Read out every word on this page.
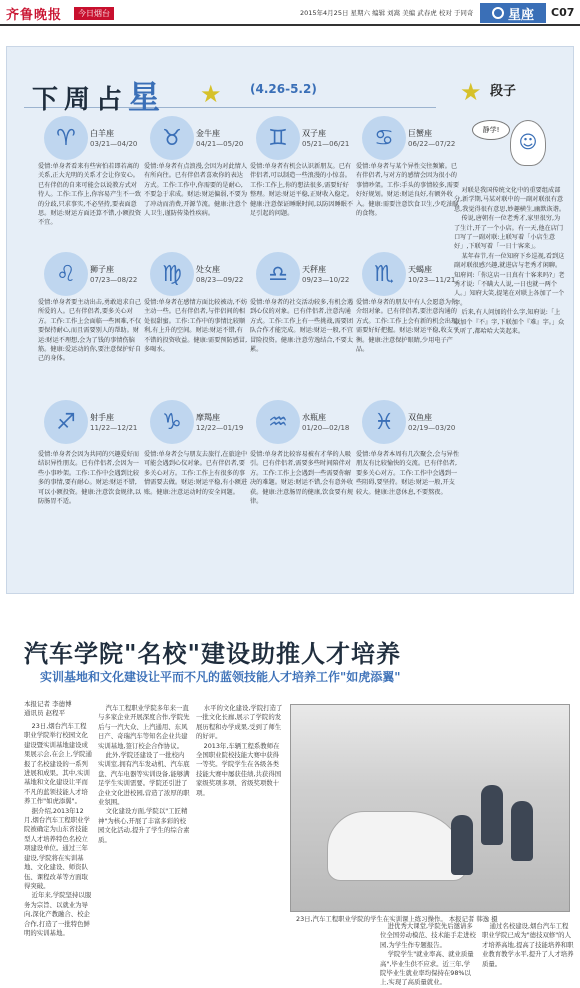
齐鲁晚报	今日烟台	2015年4月25日 星期六 编辑 刘嵩 美编 武春虎 校对 于同奇	星座 C07
下周占星 ★ (4.26-5.2)
♈	白羊座
03/21—04/20
爱情:单身者看来有些害怕若即若离的关系,正大光明的关系才会让你安心。已有伴侣的自来可能会以说教方式对待人。工作:工作上,你容易产生不一致的分歧,只求事实,不必坚持,要表面意思。财运:财运方面还算不错,小额投资不宜。
♉	金牛座
04/21—05/20
爱情:单身者有点浪漫,会因为对此情人有所向往。已有伴侣者喜欢你的表达方式。工作:工作中,你需要的是耐心,不要急于求成。财运:财运偏弱,不要为了冲动而消费,开源节流。健康:注意个人卫生,谨防传染性疾病。
♊	双子座
05/21—06/21
爱情:单身者有机会认识新朋友。已有伴侣者,可以制造一些浪漫的小惊喜。工作:工作上,你的想法很多,需要好好整理。财运:财运平稳,正财收入稳定。健康:注意保证睡眠时间,以防因睡眠不足引起的问题。
♋	巨蟹座
06/22—07/22
爱情:单身者与某个异性交往频繁。已有伴侣者,与对方的感情会因为很小的事情吵架。工作:手头的事情较多,需要好好规划。财运:财运良好,有额外收入。健康:需要注意饮食卫生,少吃油腻的食物。
♌	狮子座
07/23—08/22
爱情:单身者要主动出击,勇敢追求自己所爱的人。已有伴侣者,要多关心对方。工作:工作上会面临一些困难,不仅要保持耐心,而且需要别人的帮助。财运:财运不理想,会为了钱的事情伤脑筋。健康:爱运动的你,要注意保护好自己的身体。
♍	处女座
08/23—09/22
爱情:单身者在感情方面比较被动,不妨主动一些。已有伴侣者,与伴侣间的相处很甜蜜。工作:工作中的事情比较顺利,有上升的空间。财运:财运不错,有不错的投资收益。健康:需要预防感冒,多喝水。
♎	天秤座
09/23—10/22
爱情:单身者的社交活动较多,有机会遇到心仪的对象。已有伴侣者,注意沟通方式。工作:工作上有一些挑战,需要团队合作才能完成。财运:财运一般,不宜冒险投资。健康:注意劳逸结合,不要太累。
♏	天蝎座
10/23—11/21
爱情:单身者的朋友中有人会愿意为你介绍对象。已有伴侣者,要注意沟通的方式。工作:工作上会有新的机会出现,需要好好把握。财运:财运平稳,收支平衡。健康:注意保护眼睛,少用电子产品。
♐	射手座
11/22—12/21
爱情:单身者会因为共同的兴趣爱好而结识异性朋友。已有伴侣者,会因为一些小事吵架。工作:工作中会遇到比较多的事情,要有耐心。财运:财运不错,可以小额投资。健康:注意饮食规律,以防肠胃不适。
♑	摩羯座
12/22—01/19
爱情:单身者会与朋友去旅行,在旅途中可能会遇到心仪对象。已有伴侣者,要多关心对方。工作:工作上有很多的事情需要去做。财运:财运平稳,有小额进账。健康:注意运动时的安全问题。
♒	水瓶座
01/20—02/18
爱情:单身者比较容易被有才华的人吸引。已有伴侣者,需要多些时间陪伴对方。工作:工作上会遇到一些需要你解决的难题。财运:财运不错,会有意外收获。健康:注意肠胃的健康,饮食要有规律。
♓	双鱼座
02/19—03/20
爱情:单身者本周有几次聚会,会与异性朋友有比较愉快的交流。已有伴侣者,要多关心对方。工作:工作中会遇到一些阻碍,要坚持。财运:财运一般,开支较大。健康:注意休息,不要熬夜。
★ 段子
静学!
☺

对联是我国传统文化中的重要组成部分,新学期,马某对联中的一副对联很有意思,我觉得很有意思,妙趣横生,幽默诙谐。

传说,唐朝有一位老秀才,家里很穷,为了生计,开了一个小店。有一天,他在店门口写了一副对联:上联写着「小店生意好」,下联写着「一日十客来」。

某年春节,有一位知府下乡巡视,看到这副对联很感兴趣,就进店与老秀才闲聊。知府问:「你这店一日真有十客来吗?」老秀才说:「不瞒大人说,一日也就一两个人。」知府大笑,提笔在对联上各加了一个字。

后来,有人问加的什么字,知府说:「上联加个『不』字,下联加个『难』字。」众人听了,都哈哈大笑起来。

汽车学院"名校"建设助推人才培养
实训基地和文化建设让平而不凡的蓝领技能人才培养工作"如虎添翼"
本报记者 李德博
通讯员 赵程平

23日,烟台汽车工程职业学院举行校园文化建设暨实训基地建设成果展示会,在会上,学院通报了名校建设的一系列进展和成果。其中,实训基地和文化建设让平而不凡的蓝领技能人才培养工作"如虎添翼"。

据介绍,2013年12月,烟台汽车工程职业学院被确定为山东省技能型人才培养特色名校立项建设单位。通过三年建设,学院将在实训基地、文化建设、师资队伍、课程改革等方面取得突破。

近年来,学院坚持以服务为宗旨、以就业为导向,深化产教融合、校企合作,打造了一批特色鲜明的实训基地。

汽车工程职业学院多年来一直与多家企业开展深度合作,学院先后与一汽大众、上汽通用、东风日产、奇瑞汽车等知名企业共建实训基地,签订校企合作协议。

此外,学院还建设了一批校内实训室,拥有汽车发动机、汽车底盘、汽车电器等实训设备,能够满足学生实训需要。学院还引进了企业文化进校园,营造了浓厚的职业氛围。

文化建设方面,学院以"工匠精神"为核心,开展了丰富多彩的校园文化活动,提升了学生的综合素质。

水平的文化建设,学院打造了一批文化长廊,展示了学院的发展历程和办学成果,受到了师生的好评。

2013年,车辆工程系教师在全国职业院校技能大赛中获得一等奖。学院学生在各级各类技能大赛中屡获佳绩,共获得国家级奖项多项、省级奖项数十项。

23日,汽车工程职业学院的学生在实训课上练习操作。 本报记者 韩逸 摄

进优秀大课堂,学院先后邀请多位全国劳动模范、技术能手走进校园,为学生作专题报告。

学院学生"就业率高、就业质量高",毕业生供不应求。近三年,学院毕业生就业率均保持在98%以上,实现了高质量就业。

通过名校建设,烟台汽车工程职业学院已成为"德技双修"的人才培养高地,提高了技能培养和职业教育教学水平,提升了人才培养质量。
